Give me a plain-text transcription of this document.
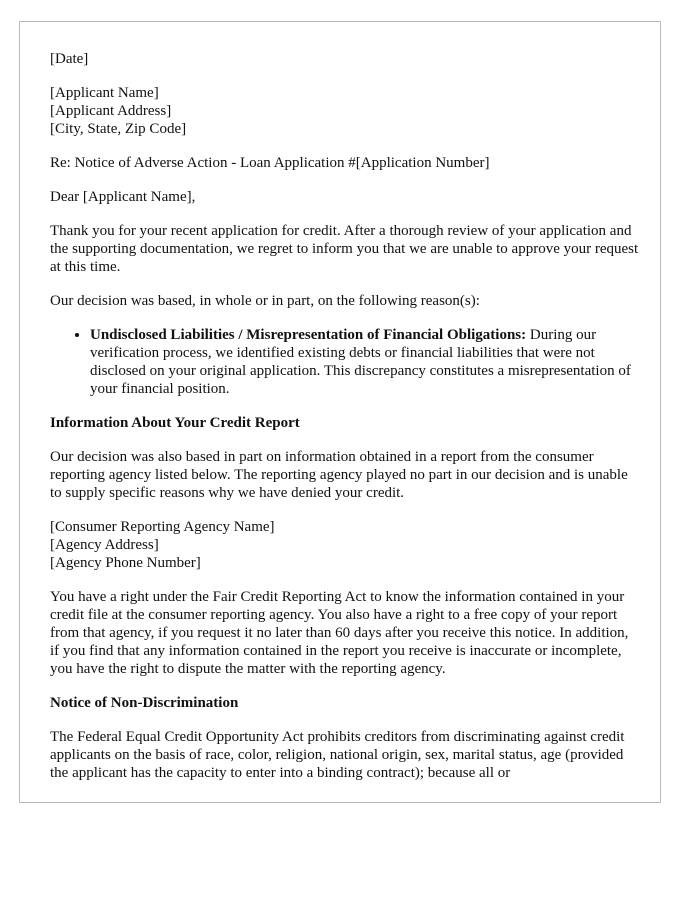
[Date]

[Applicant Name]
[Applicant Address]
[City, State, Zip Code]

Re: Notice of Adverse Action - Loan Application #[Application Number]

Dear [Applicant Name],

Thank you for your recent application for credit. After a thorough review of your application and the supporting documentation, we regret to inform you that we are unable to approve your request at this time.

Our decision was based, in whole or in part, on the following reason(s):

• Undisclosed Liabilities / Misrepresentation of Financial Obligations: During our verification process, we identified existing debts or financial liabilities that were not disclosed on your original application. This discrepancy constitutes a misrepresentation of your financial position.
Information About Your Credit Report

Our decision was also based in part on information obtained in a report from the consumer reporting agency listed below. The reporting agency played no part in our decision and is unable to supply specific reasons why we have denied your credit.

[Consumer Reporting Agency Name]
[Agency Address]
[Agency Phone Number]

You have a right under the Fair Credit Reporting Act to know the information contained in your credit file at the consumer reporting agency. You also have a right to a free copy of your report from that agency, if you request it no later than 60 days after you receive this notice. In addition, if you find that any information contained in the report you receive is inaccurate or incomplete, you have the right to dispute the matter with the reporting agency.

Notice of Non-Discrimination

The Federal Equal Credit Opportunity Act prohibits creditors from discriminating against credit applicants on the basis of race, color, religion, national origin, sex, marital status, age (provided the applicant has the capacity to enter into a binding contract); because all or
